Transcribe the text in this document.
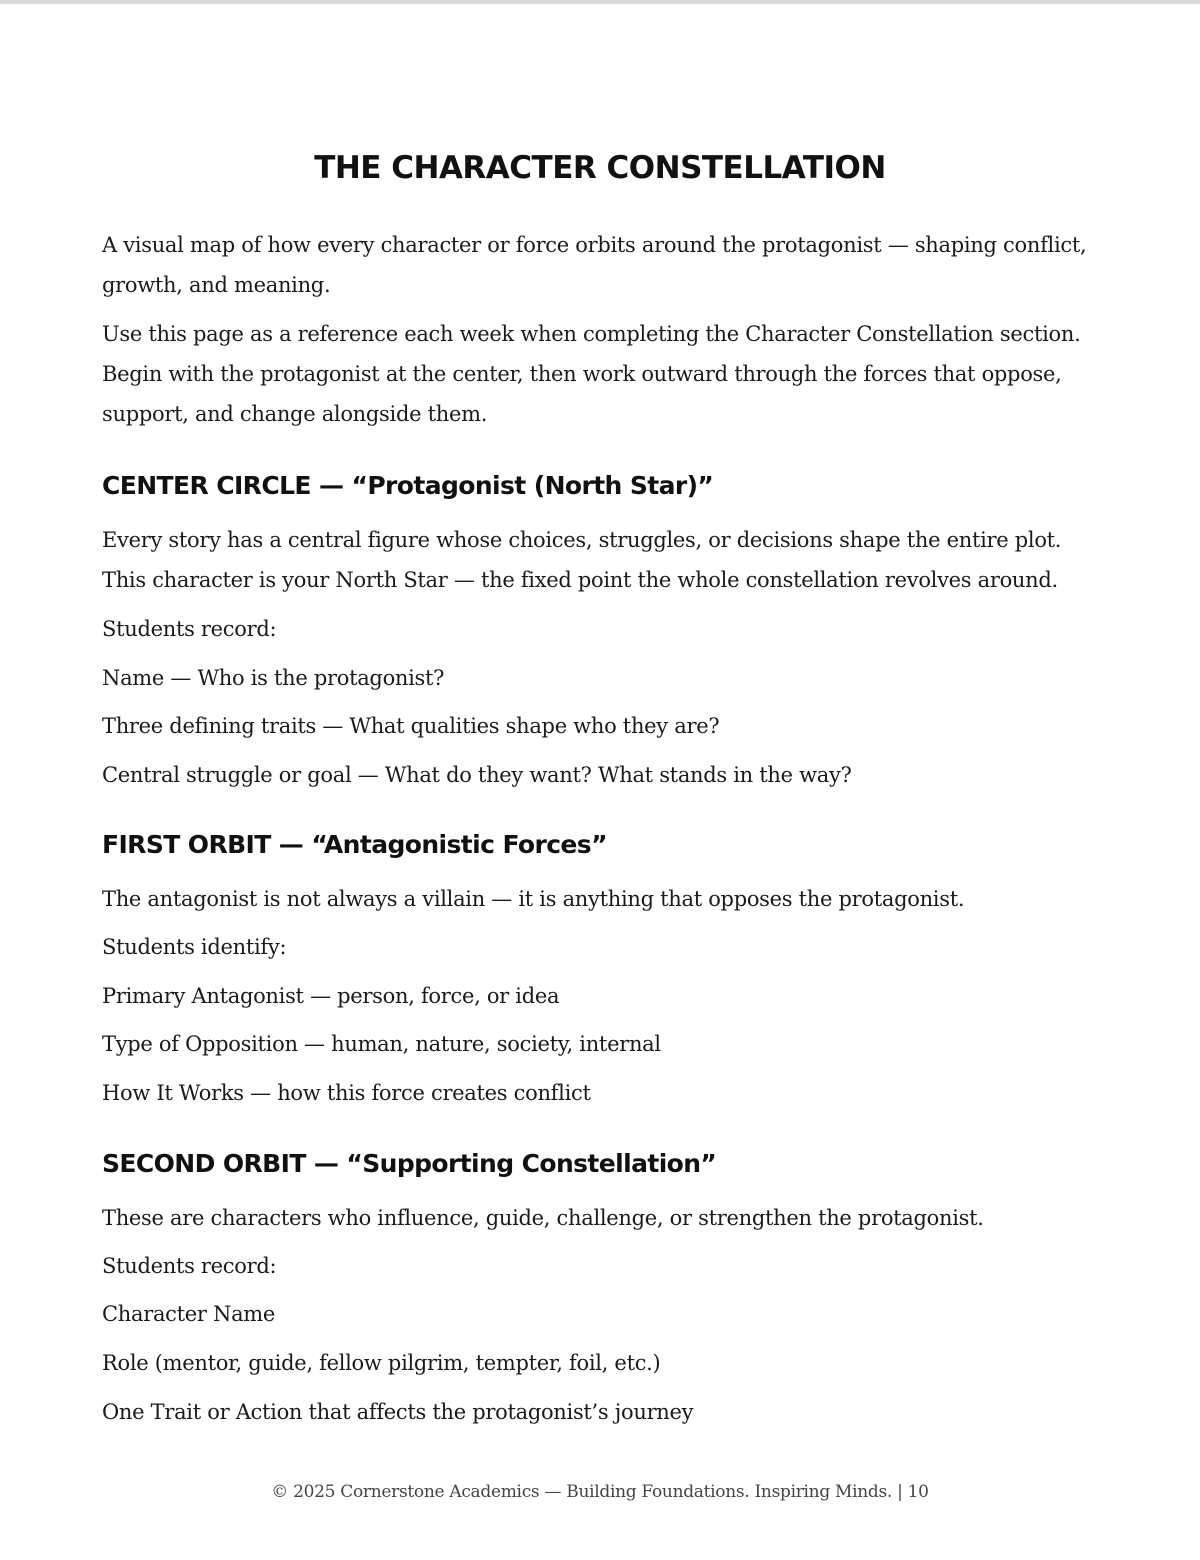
THE CHARACTER CONSTELLATION

A visual map of how every character or force orbits around the protagonist — shaping conflict, growth, and meaning.

Use this page as a reference each week when completing the Character Constellation section. Begin with the protagonist at the center, then work outward through the forces that oppose, support, and change alongside them.

CENTER CIRCLE — “Protagonist (North Star)”

Every story has a central figure whose choices, struggles, or decisions shape the entire plot. This character is your North Star — the fixed point the whole constellation revolves around.

Students record:

Name — Who is the protagonist?

Three defining traits — What qualities shape who they are?

Central struggle or goal — What do they want? What stands in the way?

FIRST ORBIT — “Antagonistic Forces”

The antagonist is not always a villain — it is anything that opposes the protagonist.

Students identify:

Primary Antagonist — person, force, or idea

Type of Opposition — human, nature, society, internal

How It Works — how this force creates conflict

SECOND ORBIT — “Supporting Constellation”

These are characters who influence, guide, challenge, or strengthen the protagonist.

Students record:

Character Name

Role (mentor, guide, fellow pilgrim, tempter, foil, etc.)

One Trait or Action that affects the protagonist’s journey

© 2025 Cornerstone Academics — Building Foundations. Inspiring Minds. | 10
